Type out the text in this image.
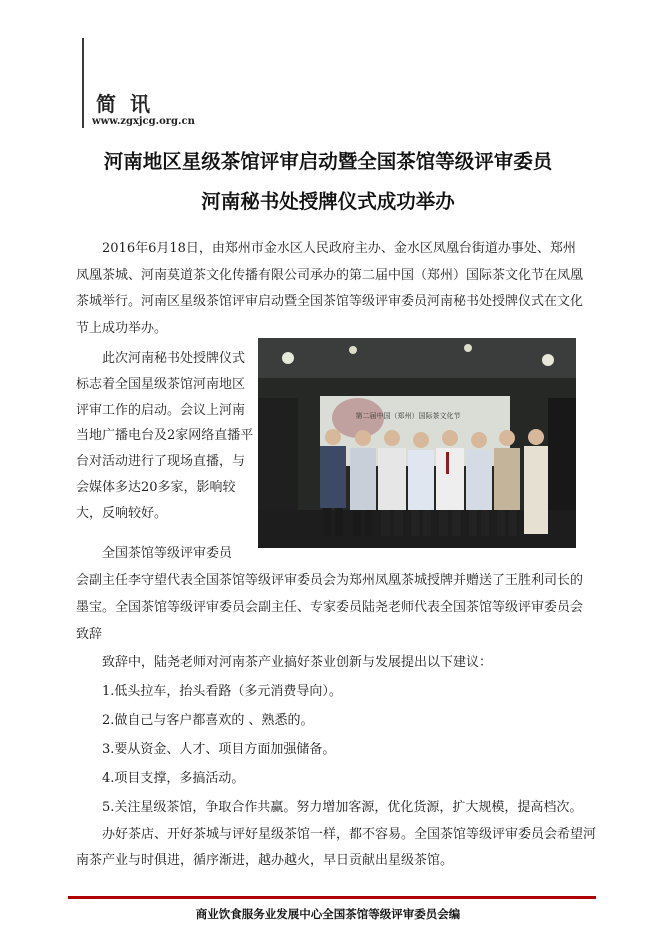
简讯
www.zgxjcg.org.cn
河南地区星级茶馆评审启动暨全国茶馆等级评审委员
河南秘书处授牌仪式成功举办

2016年6月18日，由郑州市金水区人民政府主办、金水区凤凰台街道办事处、郑州凤凰茶城、河南莫道茶文化传播有限公司承办的第二届中国（郑州）国际茶文化节在凤凰茶城举行。河南区星级茶馆评审启动暨全国茶馆等级评审委员河南秘书处授牌仪式在文化节上成功举办。

此次河南秘书处授牌仪式标志着全国星级茶馆河南地区评审工作的启动。会议上河南当地广播电台及2家网络直播平台对活动进行了现场直播，与会媒体多达20多家，影响较大，反响较好。

全国茶馆等级评审委员
会副主任李守望代表全国茶馆等级评审委员会为郑州凤凰茶城授牌并赠送了王胜利司长的墨宝。全国茶馆等级评审委员会副主任、专家委员陆尧老师代表全国茶馆等级评审委员会致辞

致辞中，陆尧老师对河南茶产业搞好茶业创新与发展提出以下建议：
1.低头拉车，抬头看路（多元消费导向）。
2.做自己与客户都喜欢的 、熟悉的。
3.要从资金、人才、项目方面加强储备。
4.项目支撑，多搞活动。
5.关注星级茶馆，争取合作共赢。努力增加客源，优化货源，扩大规模，提高档次。
办好茶店、开好茶城与评好星级茶馆一样，都不容易。全国茶馆等级评审委员会希望河南茶产业与时俱进，循序渐进，越办越火，早日贡献出星级茶馆。
第二届中国（郑州）国际茶文化节
商业饮食服务业发展中心全国茶馆等级评审委员会编
